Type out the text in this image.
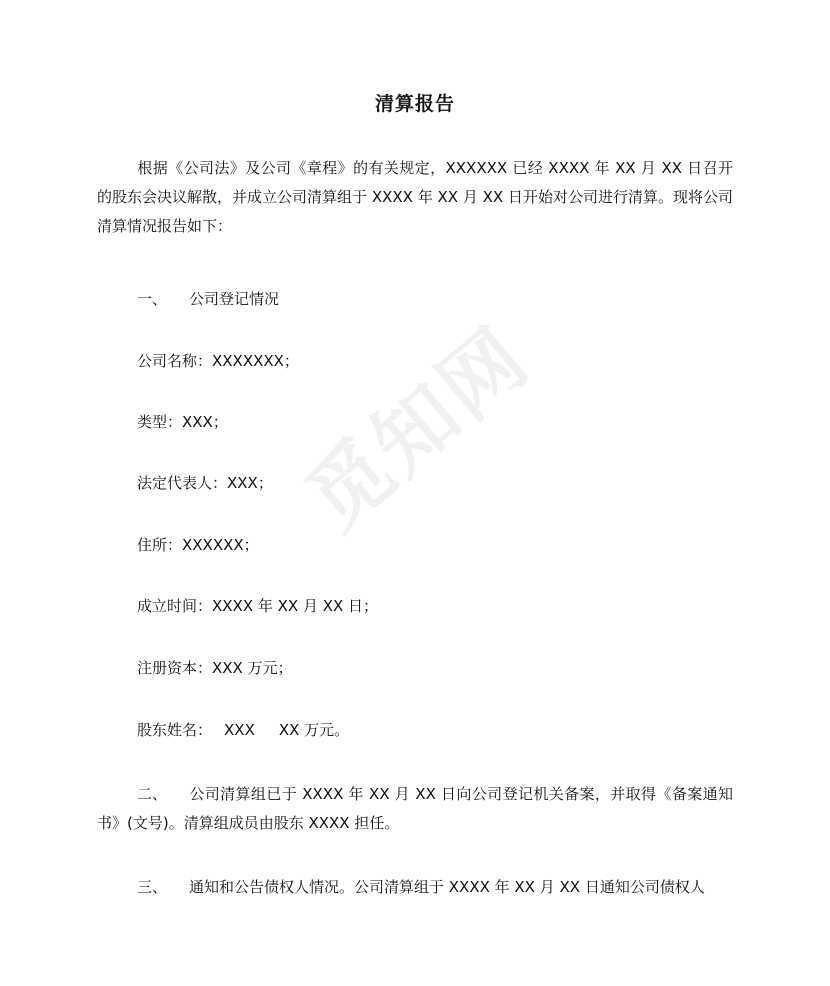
觅知网
清算报告

根据《公司法》及公司《章程》的有关规定，XXXXXX 已经 XXXX 年 XX 月 XX 日召开的股东会决议解散，并成立公司清算组于 XXXX 年 XX 月 XX 日开始对公司进行清算。现将公司清算情况报告如下：

一、 公司登记情况

公司名称：XXXXXXX；
类型：XXX；
法定代表人：XXX；
住所：XXXXXX；
成立时间：XXXX 年 XX 月 XX 日；
注册资本：XXX 万元；
股东姓名： XXX XX 万元。

二、 公司清算组已于 XXXX 年 XX 月 XX 日向公司登记机关备案，并取得《备案通知书》(文号)。清算组成员由股东 XXXX 担任。

三、 通知和公告债权人情况。公司清算组于 XXXX 年 XX 月 XX 日通知公司债权人
